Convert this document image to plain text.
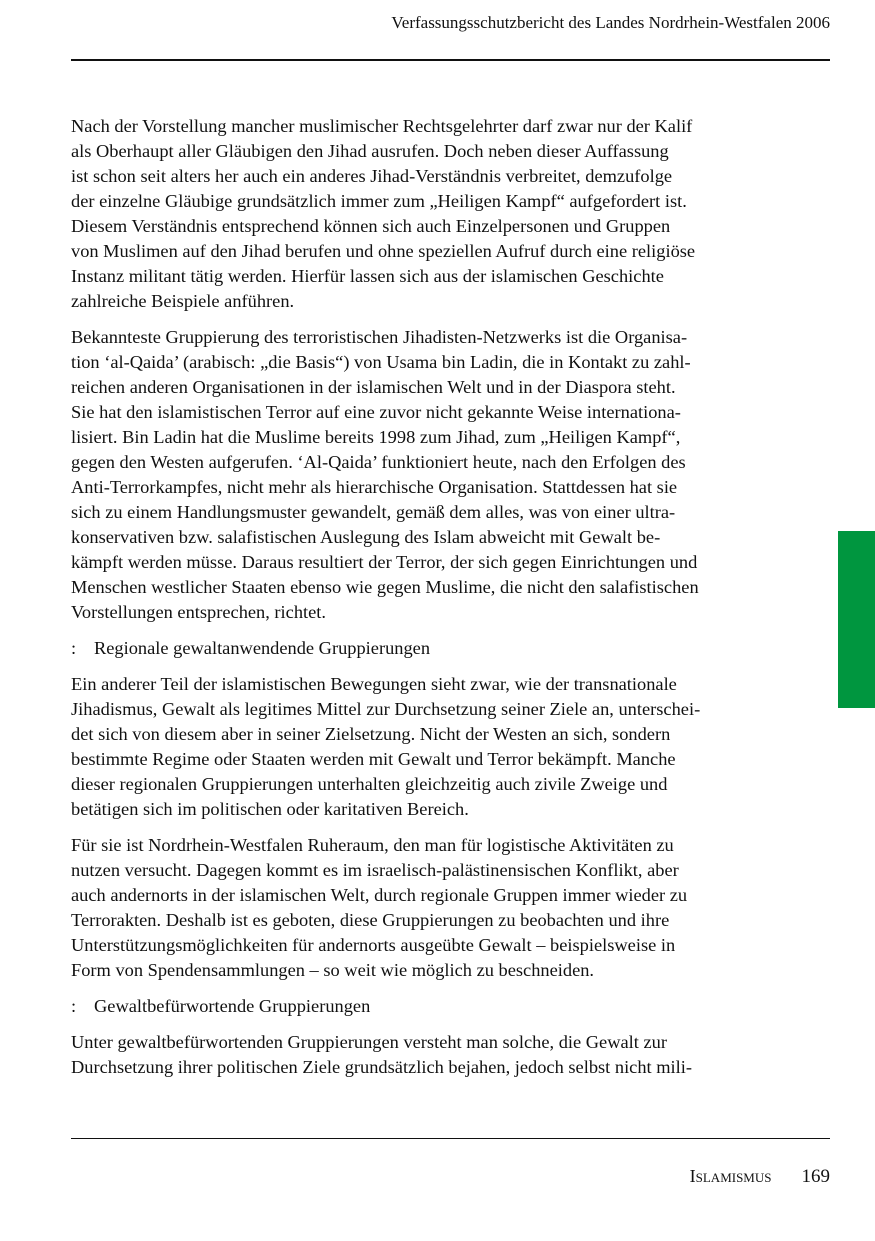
Verfassungsschutzbericht des Landes Nordrhein-Westfalen 2006

Nach der Vorstellung mancher muslimischer Rechtsgelehrter darf zwar nur der Kalif
als Oberhaupt aller Gläubigen den Jihad ausrufen. Doch neben dieser Auffassung
ist schon seit alters her auch ein anderes Jihad-Verständnis verbreitet, demzufolge
der einzelne Gläubige grundsätzlich immer zum „Heiligen Kampf“ aufgefordert ist.
Diesem Verständnis entsprechend können sich auch Einzelpersonen und Gruppen
von Muslimen auf den Jihad berufen und ohne speziellen Aufruf durch eine religiöse
Instanz militant tätig werden. Hierfür lassen sich aus der islamischen Geschichte
zahlreiche Beispiele anführen.

Bekannteste Gruppierung des terroristischen Jihadisten-Netzwerks ist die Organisa-
tion ‘al-Qaida’ (arabisch: „die Basis“) von Usama bin Ladin, die in Kontakt zu zahl-
reichen anderen Organisationen in der islamischen Welt und in der Diaspora steht.
Sie hat den islamistischen Terror auf eine zuvor nicht gekannte Weise internationa-
lisiert. Bin Ladin hat die Muslime bereits 1998 zum Jihad, zum „Heiligen Kampf“,
gegen den Westen aufgerufen. ‘Al-Qaida’ funktioniert heute, nach den Erfolgen des
Anti-Terrorkampfes, nicht mehr als hierarchische Organisation. Stattdessen hat sie
sich zu einem Handlungsmuster gewandelt, gemäß dem alles, was von einer ultra-
konservativen bzw. salafistischen Auslegung des Islam abweicht mit Gewalt be-
kämpft werden müsse. Daraus resultiert der Terror, der sich gegen Einrichtungen und
Menschen westlicher Staaten ebenso wie gegen Muslime, die nicht den salafistischen
Vorstellungen entsprechen, richtet.

: Regionale gewaltanwendende Gruppierungen

Ein anderer Teil der islamistischen Bewegungen sieht zwar, wie der transnationale
Jihadismus, Gewalt als legitimes Mittel zur Durchsetzung seiner Ziele an, unterschei-
det sich von diesem aber in seiner Zielsetzung. Nicht der Westen an sich, sondern
bestimmte Regime oder Staaten werden mit Gewalt und Terror bekämpft. Manche
dieser regionalen Gruppierungen unterhalten gleichzeitig auch zivile Zweige und
betätigen sich im politischen oder karitativen Bereich.

Für sie ist Nordrhein-Westfalen Ruheraum, den man für logistische Aktivitäten zu
nutzen versucht. Dagegen kommt es im israelisch-palästinensischen Konflikt, aber
auch andernorts in der islamischen Welt, durch regionale Gruppen immer wieder zu
Terrorakten. Deshalb ist es geboten, diese Gruppierungen zu beobachten und ihre
Unterstützungsmöglichkeiten für andernorts ausgeübte Gewalt – beispielsweise in
Form von Spendensammlungen – so weit wie möglich zu beschneiden.

: Gewaltbefürwortende Gruppierungen

Unter gewaltbefürwortenden Gruppierungen versteht man solche, die Gewalt zur
Durchsetzung ihrer politischen Ziele grundsätzlich bejahen, jedoch selbst nicht mili-

Islamismus 169
